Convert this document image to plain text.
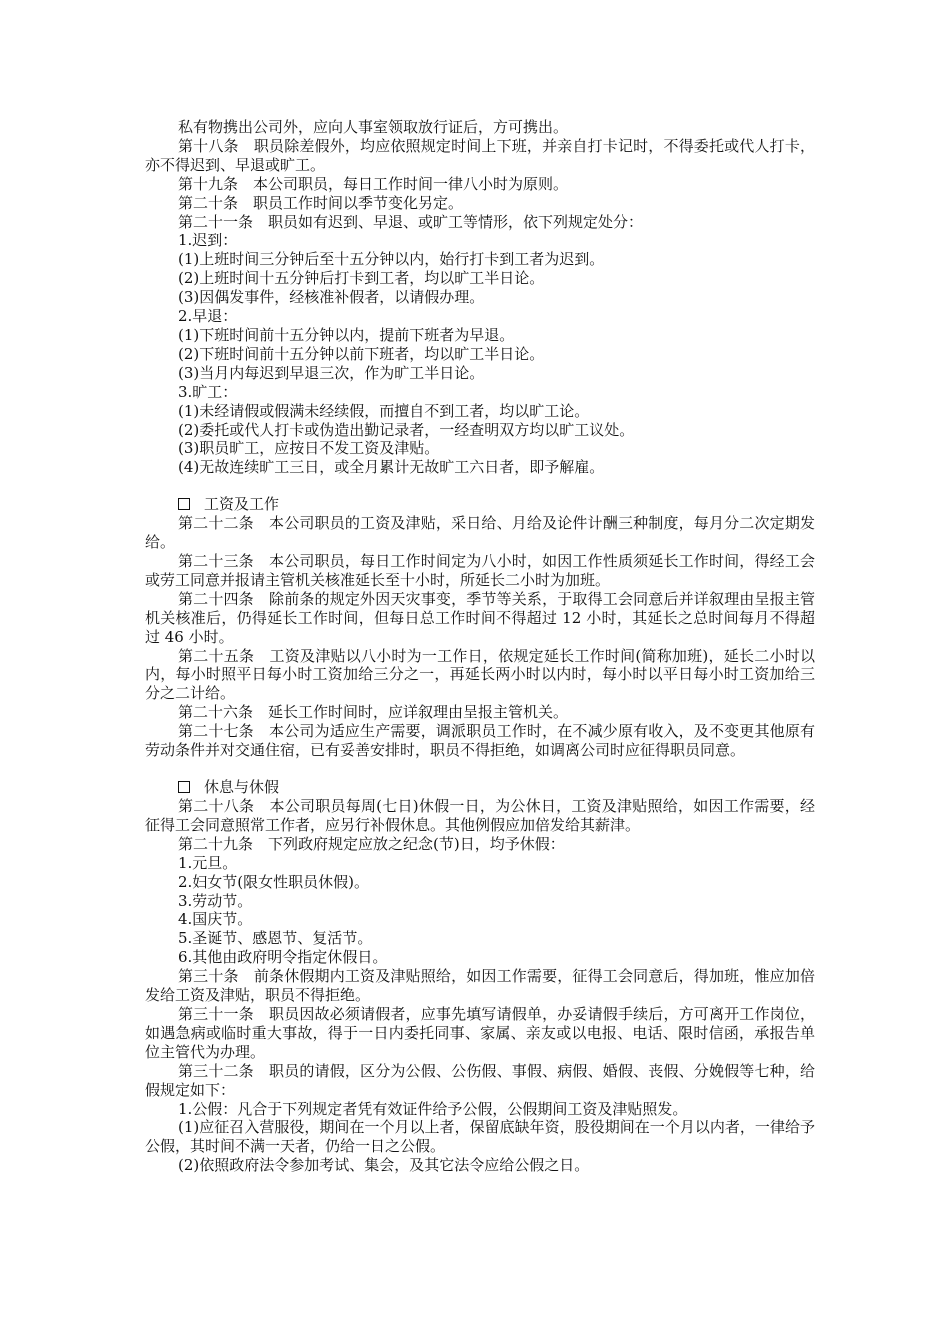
私有物携出公司外，应向人事室领取放行证后，方可携出。

第十八条　职员除差假外，均应依照规定时间上下班，并亲自打卡记时，不得委托或代人打卡，亦不得迟到、早退或旷工。

第十九条　本公司职员，每日工作时间一律八小时为原则。

第二十条　职员工作时间以季节变化另定。

第二十一条　职员如有迟到、早退、或旷工等情形，依下列规定处分：

1.迟到：

(1)上班时间三分钟后至十五分钟以内，始行打卡到工者为迟到。

(2)上班时间十五分钟后打卡到工者，均以旷工半日论。

(3)因偶发事件，经核准补假者，以请假办理。

2.早退：

(1)下班时间前十五分钟以内，提前下班者为早退。

(2)下班时间前十五分钟以前下班者，均以旷工半日论。

(3)当月内每迟到早退三次，作为旷工半日论。

3.旷工：

(1)未经请假或假满未经续假，而擅自不到工者，均以旷工论。

(2)委托或代人打卡或伪造出勤记录者，一经查明双方均以旷工议处。

(3)职员旷工，应按日不发工资及津贴。

(4)无故连续旷工三日，或全月累计无故旷工六日者，即予解雇。

工资及工作

第二十二条　本公司职员的工资及津贴，采日给、月给及论件计酬三种制度，每月分二次定期发给。

第二十三条　本公司职员，每日工作时间定为八小时，如因工作性质须延长工作时间，得经工会或劳工同意并报请主管机关核准延长至十小时，所延长二小时为加班。

第二十四条　除前条的规定外因天灾事变，季节等关系，于取得工会同意后并详叙理由呈报主管机关核准后，仍得延长工作时间，但每日总工作时间不得超过 12 小时，其延长之总时间每月不得超过 46 小时。

第二十五条　工资及津贴以八小时为一工作日，依规定延长工作时间(简称加班)，延长二小时以内，每小时照平日每小时工资加给三分之一，再延长两小时以内时，每小时以平日每小时工资加给三分之二计给。

第二十六条　延长工作时间时，应详叙理由呈报主管机关。

第二十七条　本公司为适应生产需要，调派职员工作时，在不减少原有收入，及不变更其他原有劳动条件并对交通住宿，已有妥善安排时，职员不得拒绝，如调离公司时应征得职员同意。

休息与休假

第二十八条　本公司职员每周(七日)休假一日，为公休日，工资及津贴照给，如因工作需要，经征得工会同意照常工作者，应另行补假休息。其他例假应加倍发给其薪津。

第二十九条　下列政府规定应放之纪念(节)日，均予休假：

1.元旦。

2.妇女节(限女性职员休假)。

3.劳动节。

4.国庆节。

5.圣诞节、感恩节、复活节。

6.其他由政府明令指定休假日。

第三十条　前条休假期内工资及津贴照给，如因工作需要，征得工会同意后，得加班，惟应加倍发给工资及津贴，职员不得拒绝。

第三十一条　职员因故必须请假者，应事先填写请假单，办妥请假手续后，方可离开工作岗位，如遇急病或临时重大事故，得于一日内委托同事、家属、亲友或以电报、电话、限时信函，承报告单位主管代为办理。

第三十二条　职员的请假，区分为公假、公伤假、事假、病假、婚假、丧假、分娩假等七种，给假规定如下：

1.公假：凡合于下列规定者凭有效证件给予公假，公假期间工资及津贴照发。

(1)应征召入营服役，期间在一个月以上者，保留底缺年资，股役期间在一个月以内者，一律给予公假，其时间不满一天者，仍给一日之公假。

(2)依照政府法令参加考试、集会，及其它法令应给公假之日。
